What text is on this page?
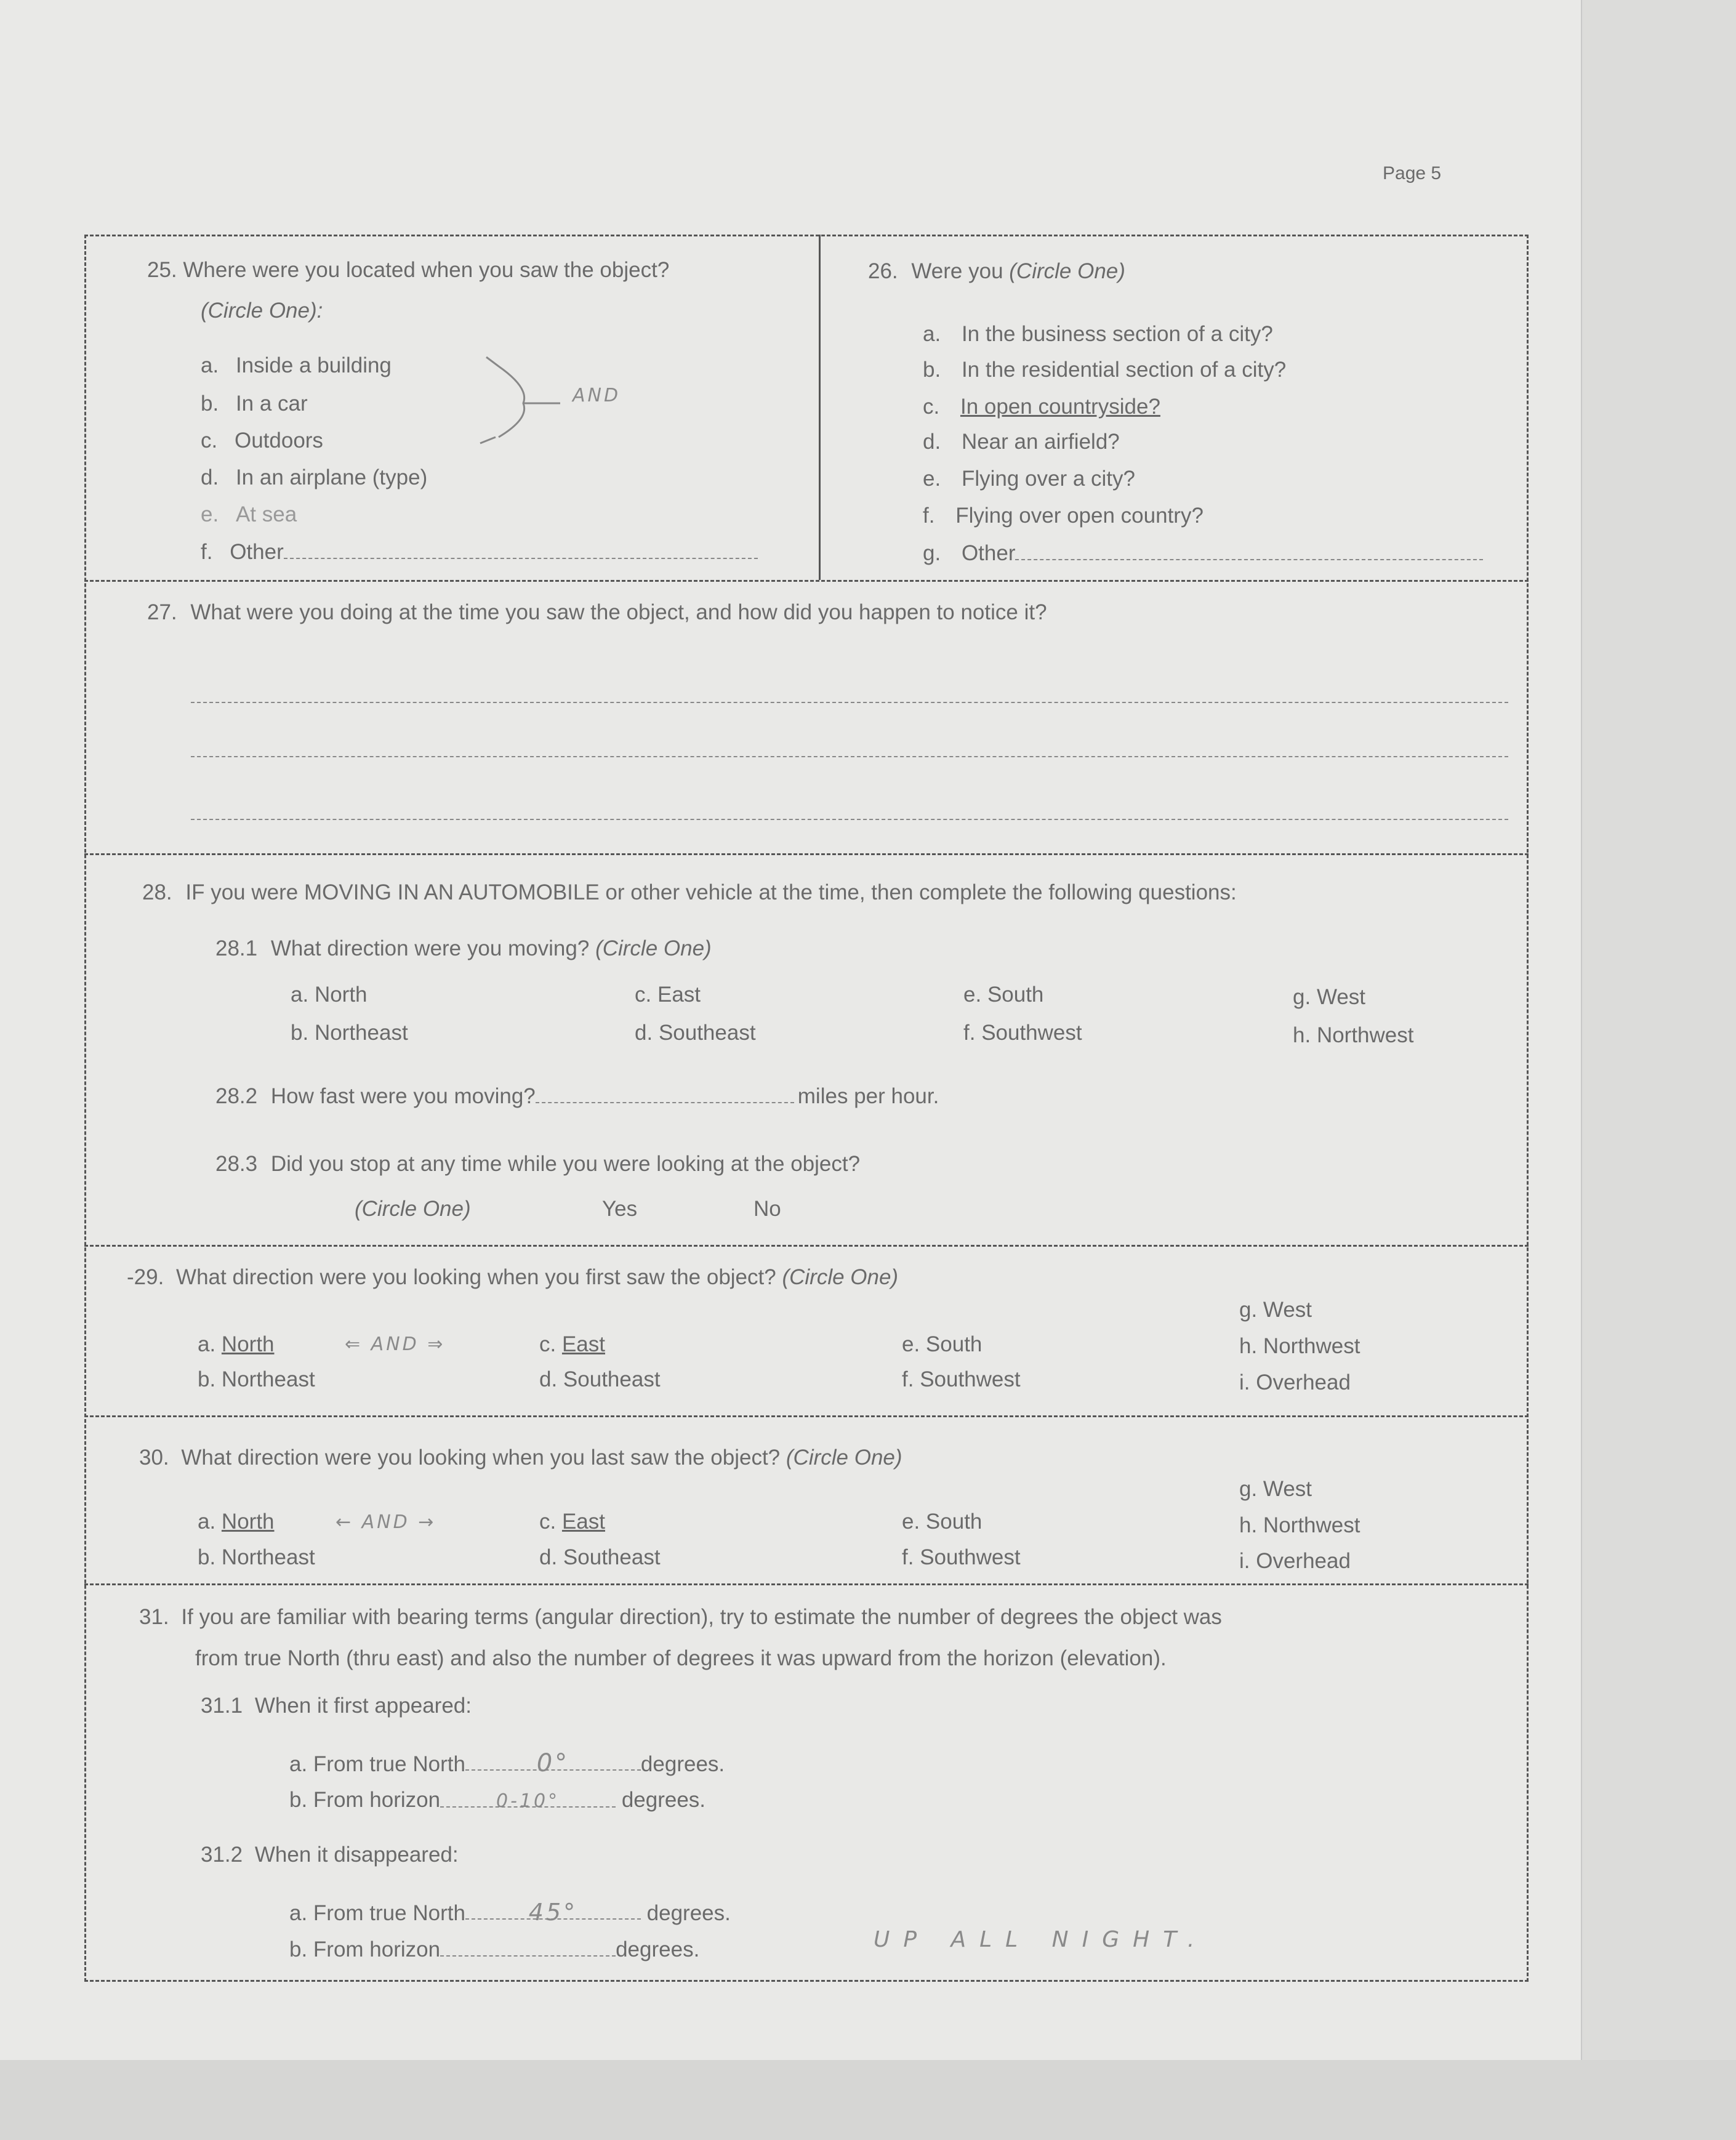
Page 5
25. Where were you located when you saw the object?
(Circle One):
a. Inside a building
b. In a car
c. Outdoors
d. In an airplane (type)
e. At sea
f. Other
AND
26. Were you (Circle One)
a. In the business section of a city?
b. In the residential section of a city?
c. In open countryside?
d. Near an airfield?
e. Flying over a city?
f. Flying over open country?
g. Other
27. What were you doing at the time you saw the object, and how did you happen to notice it?
28. IF you were MOVING IN AN AUTOMOBILE or other vehicle at the time, then complete the following questions:
28.1 What direction were you moving? (Circle One)
a. North	c. East	e. South	g. West
b. Northeast	d. Southeast	f. Southwest	h. Northwest
28.2 How fast were you moving?	miles per hour.
28.3 Did you stop at any time while you were looking at the object?
(Circle One)	Yes	No
-29. What direction were you looking when you first saw the object? (Circle One)
g. West
a. North	⇐ AND ⇒	c. East	e. South	h. Northwest
b. Northeast	d. Southeast	f. Southwest	i. Overhead
30. What direction were you looking when you last saw the object? (Circle One)
g. West
a. North	← AND →	c. East	e. South	h. Northwest
b. Northeast	d. Southeast	f. Southwest	i. Overhead
31. If you are familiar with bearing terms (angular direction), try to estimate the number of degrees the object was
from true North (thru east) and also the number of degrees it was upward from the horizon (elevation).
31.1 When it first appeared:
a. From true North	0°	degrees.
b. From horizon	0-10°	degrees.
31.2 When it disappeared:
a. From true North	45°	degrees.
b. From horizon	degrees.	UP ALL NIGHT.
